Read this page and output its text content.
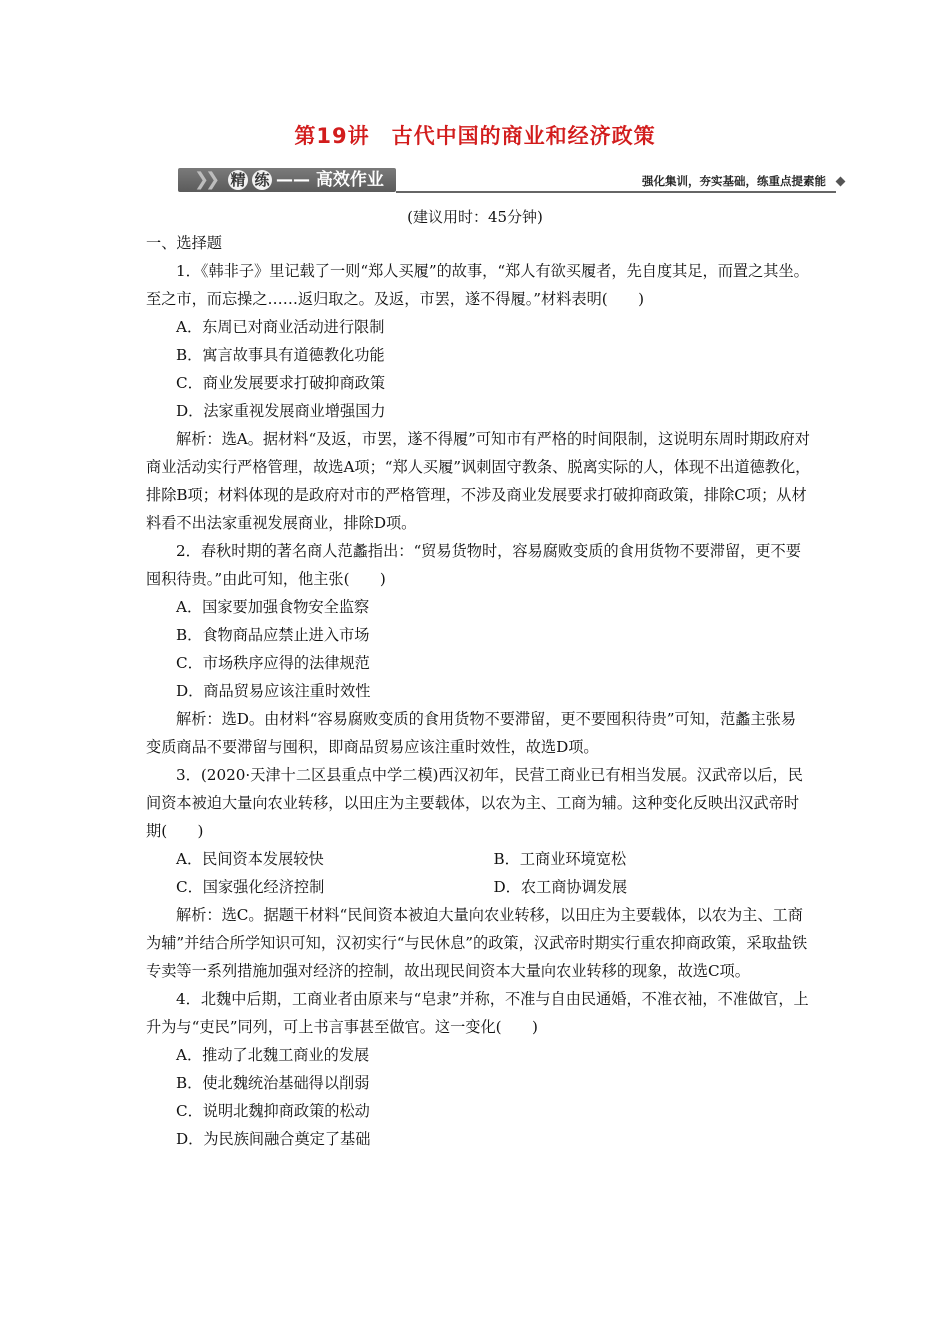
第19讲　古代中国的商业和经济政策
❯❯ 精 练 —— 高效作业	强化集训，夯实基础，练重点提素能
(建议用时：45分钟)

一、选择题

1．《韩非子》里记载了一则“郑人买履”的故事，“郑人有欲买履者，先自度其足，而置之其坐。至之市，而忘操之……返归取之。及返，市罢，遂不得履。”材料表明(　　)

A．东周已对商业活动进行限制

B．寓言故事具有道德教化功能

C．商业发展要求打破抑商政策

D．法家重视发展商业增强国力

解析：选A。据材料“及返，市罢，遂不得履”可知市有严格的时间限制，这说明东周时期政府对商业活动实行严格管理，故选A项；“郑人买履”讽刺固守教条、脱离实际的人，体现不出道德教化，排除B项；材料体现的是政府对市的严格管理，不涉及商业发展要求打破抑商政策，排除C项；从材料看不出法家重视发展商业，排除D项。

2．春秋时期的著名商人范蠡指出：“贸易货物时，容易腐败变质的食用货物不要滞留，更不要囤积待贵。”由此可知，他主张(　　)

A．国家要加强食物安全监察

B．食物商品应禁止进入市场

C．市场秩序应得的法律规范

D．商品贸易应该注重时效性

解析：选D。由材料“容易腐败变质的食用货物不要滞留，更不要囤积待贵”可知，范蠡主张易变质商品不要滞留与囤积，即商品贸易应该注重时效性，故选D项。

3．(2020·天津十二区县重点中学二模)西汉初年，民营工商业已有相当发展。汉武帝以后，民间资本被迫大量向农业转移，以田庄为主要载体，以农为主、工商为辅。这种变化反映出汉武帝时期(　　)

A．民间资本发展较快	B．工商业环境宽松
C．国家强化经济控制	D．农工商协调发展

解析：选C。据题干材料“民间资本被迫大量向农业转移，以田庄为主要载体，以农为主、工商为辅”并结合所学知识可知，汉初实行“与民休息”的政策，汉武帝时期实行重农抑商政策，采取盐铁专卖等一系列措施加强对经济的控制，故出现民间资本大量向农业转移的现象，故选C项。

4．北魏中后期，工商业者由原来与“皂隶”并称，不准与自由民通婚，不准衣袖，不准做官，上升为与“吏民”同列，可上书言事甚至做官。这一变化(　　)

A．推动了北魏工商业的发展

B．使北魏统治基础得以削弱

C．说明北魏抑商政策的松动

D．为民族间融合奠定了基础
